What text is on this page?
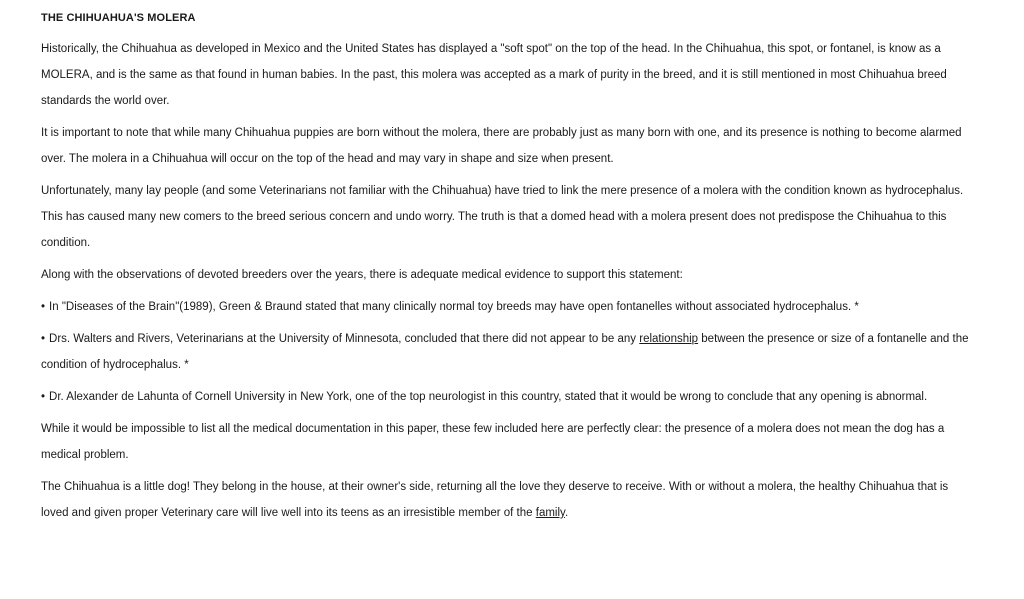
THE CHIHUAHUA'S MOLERA

Historically, the Chihuahua as developed in Mexico and the United States has displayed a "soft spot" on the top of the head. In the Chihuahua, this spot, or fontanel, is know as a MOLERA, and is the same as that found in human babies. In the past, this molera was accepted as a mark of purity in the breed, and it is still mentioned in most Chihuahua breed standards the world over.

It is important to note that while many Chihuahua puppies are born without the molera, there are probably just as many born with one, and its presence is nothing to become alarmed over. The molera in a Chihuahua will occur on the top of the head and may vary in shape and size when present.

Unfortunately, many lay people (and some Veterinarians not familiar with the Chihuahua) have tried to link the mere presence of a molera with the condition known as hydrocephalus. This has caused many new comers to the breed serious concern and undo worry. The truth is that a domed head with a molera present does not predispose the Chihuahua to this condition.

Along with the observations of devoted breeders over the years, there is adequate medical evidence to support this statement:

• In "Diseases of the Brain"(1989), Green & Braund stated that many clinically normal toy breeds may have open fontanelles without associated hydrocephalus. *

• Drs. Walters and Rivers, Veterinarians at the University of Minnesota, concluded that there did not appear to be any relationship between the presence or size of a fontanelle and the condition of hydrocephalus. *

• Dr. Alexander de Lahunta of Cornell University in New York, one of the top neurologist in this country, stated that it would be wrong to conclude that any opening is abnormal.

While it would be impossible to list all the medical documentation in this paper, these few included here are perfectly clear: the presence of a molera does not mean the dog has a medical problem.

The Chihuahua is a little dog! They belong in the house, at their owner's side, returning all the love they deserve to receive. With or without a molera, the healthy Chihuahua that is loved and given proper Veterinary care will live well into its teens as an irresistible member of the family.
